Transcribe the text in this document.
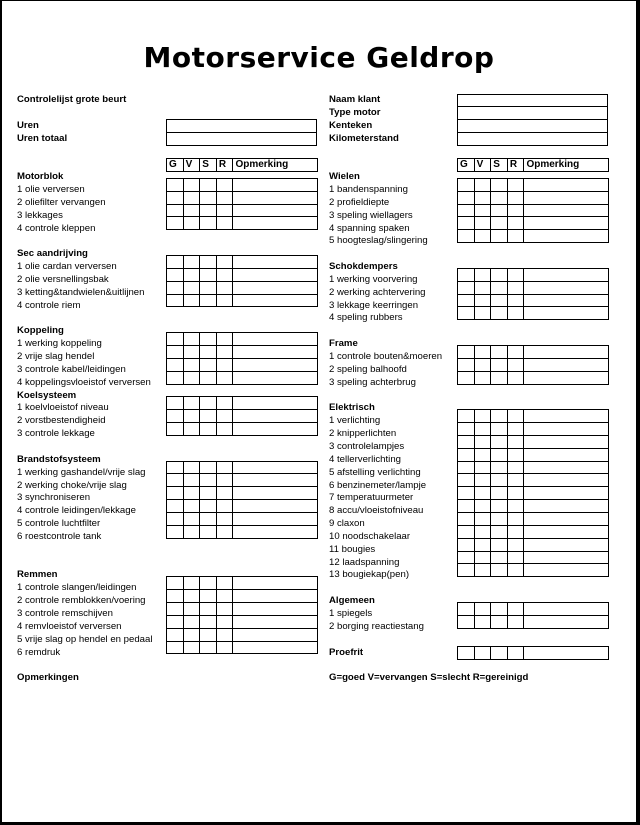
Motorservice Geldrop
Controlelijst grote beurt
Uren
Uren totaal
Naam klant
Type motor
Kenteken
Kilometerstand
G	V	S	R	Opmerking
Motorblok
1 olie verversen
2 oliefilter vervangen
3 lekkages
4 controle kleppen

Sec aandrijving
1 olie cardan verversen
2 olie versnellingsbak
3 ketting&tandwielen&uitlijnen
4 controle riem

Koppeling
1 werking koppeling
2 vrije slag hendel
3 controle kabel/leidingen
4 koppelingsvloeistof verversen

Koelsysteem
1 koelvloeistof niveau
2 vorstbestendigheid
3 controle lekkage

Brandstofsysteem
1 werking gashandel/vrije slag
2 werking choke/vrije slag
3 synchroniseren
4 controle leidingen/lekkage
5 controle luchtfilter
6 roestcontrole tank

Remmen
1 controle slangen/leidingen
2 controle remblokken/voering
3 controle remschijven
4 remvloeistof verversen
5 vrije slag op hendel en pedaal
6 remdruk

G	V	S	R	Opmerking
Wielen
1 bandenspanning
2 profieldiepte
3 speling wiellagers
4 spanning spaken
5 hoogteslag/slingering

Schokdempers
1 werking voorvering
2 werking achtervering
3 lekkage keerringen
4 speling rubbers

Frame
1 controle bouten&moeren
2 speling balhoofd
3 speling achterbrug

Elektrisch
1 verlichting
2 knipperlichten
3 controlelampjes
4 tellerverlichting
5 afstelling verlichting
6 benzinemeter/lampje
7 temperatuurmeter
8 accu/vloeistofniveau
9 claxon
10 noodschakelaar
11 bougies
12 laadspanning
13 bougiekap(pen)

Algemeen
1 spiegels
2 borging reactiestang

Proefrit

Opmerkingen	G=goed V=vervangen S=slecht R=gereinigd
